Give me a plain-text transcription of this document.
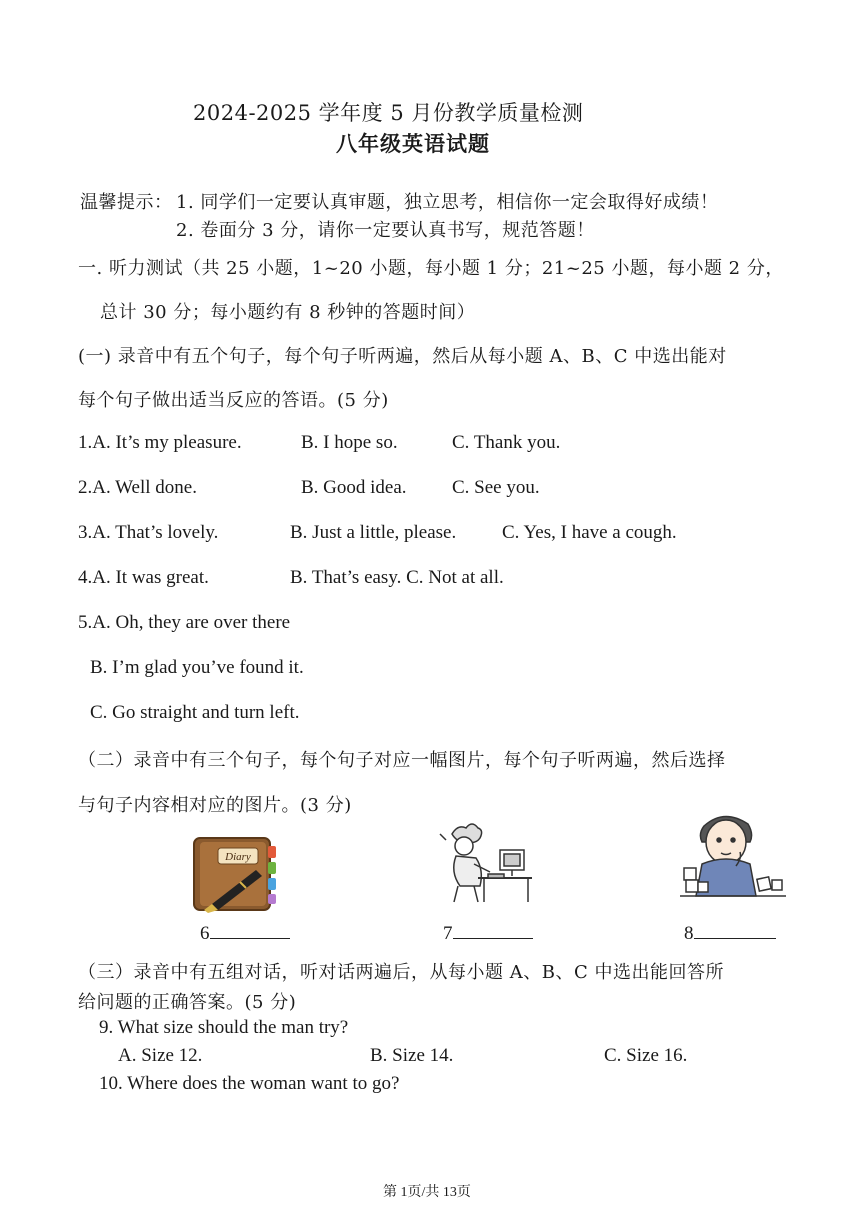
2024-2025 学年度 5 月份教学质量检测
八年级英语试题
温馨提示： 1. 同学们一定要认真审题，独立思考，相信你一定会取得好成绩！
2. 卷面分 3 分，请你一定要认真书写，规范答题！
一. 听力测试（共 25 小题，1~20 小题，每小题 1 分；21~25 小题，每小题 2 分，
总计 30 分；每小题约有 8 秒钟的答题时间）
(一) 录音中有五个句子，每个句子听两遍，然后从每小题 A、B、C 中选出能对
每个句子做出适当反应的答语。(5 分)
1.A. It’s my pleasure.	B. I hope so.	C. Thank you.
2.A. Well done.	B. Good idea. C. See you.
3.A. That’s lovely.	B. Just a little, please. C. Yes, I have a cough.
4.A. It was great.	B. That’s easy. C. Not at all.
5.A. Oh, they are over there
B. I’m glad you’ve found it.
C. Go straight and turn left.
（二）录音中有三个句子，每个句子对应一幅图片，每个句子听两遍，然后选择
与句子内容相对应的图片。(3 分)
Diary
6	7	8
（三）录音中有五组对话，听对话两遍后，从每小题 A、B、C 中选出能回答所
给问题的正确答案。(5 分)
9. What size should the man try?
A. Size 12.	B. Size 14.	C. Size 16.
10. Where does the woman want to go?
第 1页/共 13页
